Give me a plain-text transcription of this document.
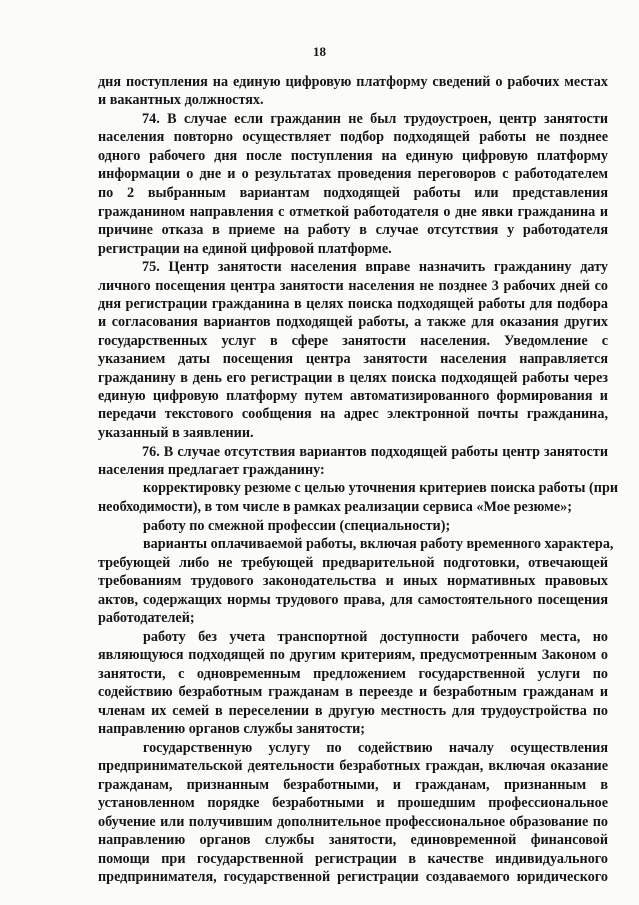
18
дня поступления на единую цифровую платформу сведений о рабочих местах
и вакантных должностях.
74. В случае если гражданин не был трудоустроен, центр занятости
населения повторно осуществляет подбор подходящей работы не позднее
одного рабочего дня после поступления на единую цифровую платформу
информации о дне и о результатах проведения переговоров с работодателем
по 2 выбранным вариантам подходящей работы или представления
гражданином направления с отметкой работодателя о дне явки гражданина и
причине отказа в приеме на работу в случае отсутствия у работодателя
регистрации на единой цифровой платформе.
75. Центр занятости населения вправе назначить гражданину дату
личного посещения центра занятости населения не позднее 3 рабочих дней со
дня регистрации гражданина в целях поиска подходящей работы для подбора
и согласования вариантов подходящей работы, а также для оказания других
государственных услуг в сфере занятости населения. Уведомление с
указанием даты посещения центра занятости населения направляется
гражданину в день его регистрации в целях поиска подходящей работы через
единую цифровую платформу путем автоматизированного формирования и
передачи текстового сообщения на адрес электронной почты гражданина,
указанный в заявлении.
76. В случае отсутствия вариантов подходящей работы центр занятости
населения предлагает гражданину:
корректировку резюме с целью уточнения критериев поиска работы (при
необходимости), в том числе в рамках реализации сервиса «Мое резюме»;
работу по смежной профессии (специальности);
варианты оплачиваемой работы, включая работу временного характера,
требующей либо не требующей предварительной подготовки, отвечающей
требованиям трудового законодательства и иных нормативных правовых
актов, содержащих нормы трудового права, для самостоятельного посещения
работодателей;
работу без учета транспортной доступности рабочего места, но
являющуюся подходящей по другим критериям, предусмотренным Законом о
занятости, с одновременным предложением государственной услуги по
содействию безработным гражданам в переезде и безработным гражданам и
членам их семей в переселении в другую местность для трудоустройства по
направлению органов службы занятости;
государственную услугу по содействию началу осуществления
предпринимательской деятельности безработных граждан, включая оказание
гражданам, признанным безработными, и гражданам, признанным в
установленном порядке безработными и прошедшим профессиональное
обучение или получившим дополнительное профессиональное образование по
направлению органов службы занятости, единовременной финансовой
помощи при государственной регистрации в качестве индивидуального
предпринимателя, государственной регистрации создаваемого юридического
